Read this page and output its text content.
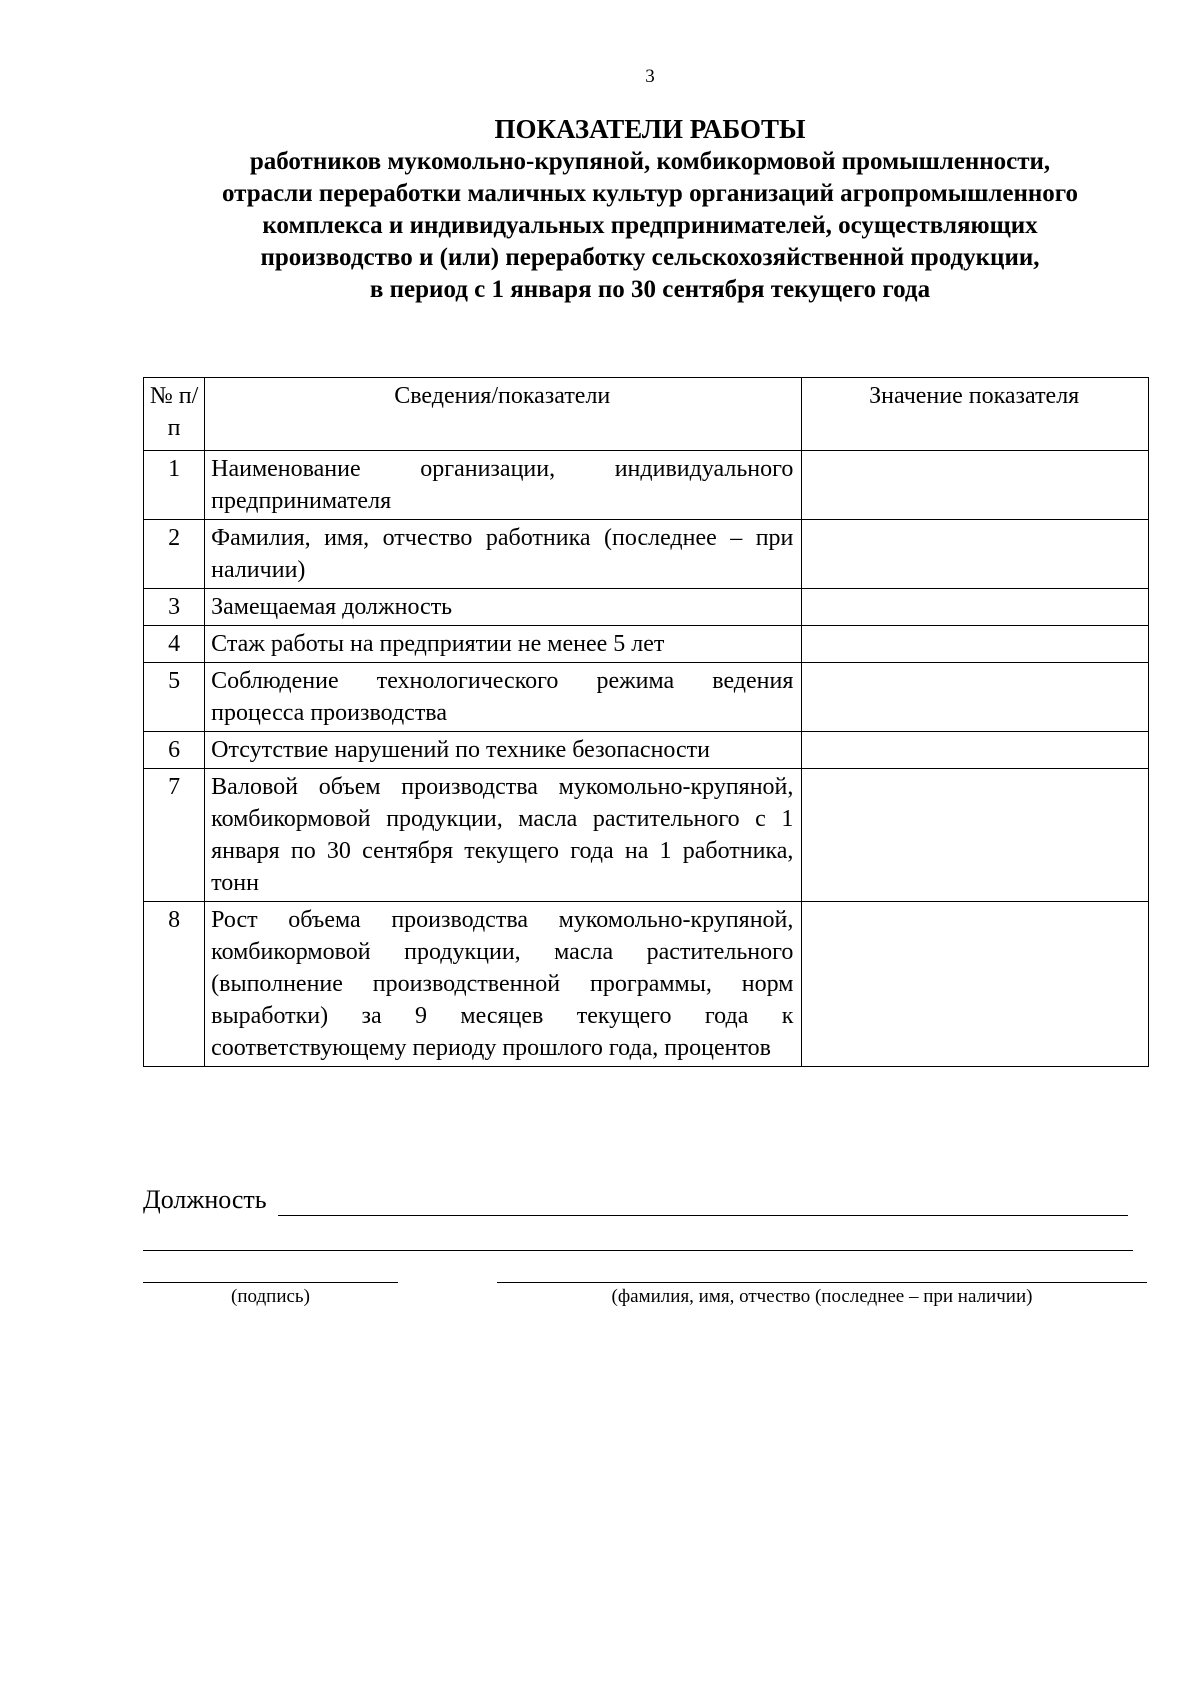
3
ПОКАЗАТЕЛИ РАБОТЫ
работников мукомольно-крупяной, комбикормовой промышленности,
отрасли переработки маличных культур организаций агропромышленного
комплекса и индивидуальных предпринимателей, осуществляющих
производство и (или) переработку сельскохозяйственной продукции,
в период с 1 января по 30 сентября текущего года
№ п/п	Сведения/показатели	Значение показателя
1	Наименование организации, индивидуального предпринимателя	
2	Фамилия, имя, отчество работника (последнее – при наличии)	
3	Замещаемая должность	
4	Стаж работы на предприятии не менее 5 лет	
5	Соблюдение технологического режима ведения процесса производства	
6	Отсутствие нарушений по технике безопасности	
7	Валовой объем производства мукомольно-крупяной, комбикормовой продукции, масла растительного с 1 января по 30 сентября текущего года на 1 работника, тонн	
8	Рост объема производства мукомольно-крупяной, комбикормовой продукции, масла растительного (выполнение производственной программы, норм выработки) за 9 месяцев текущего года к соответствующему периоду прошлого года, процентов	
Должность
(подпись)	(фамилия, имя, отчество (последнее – при наличии)
